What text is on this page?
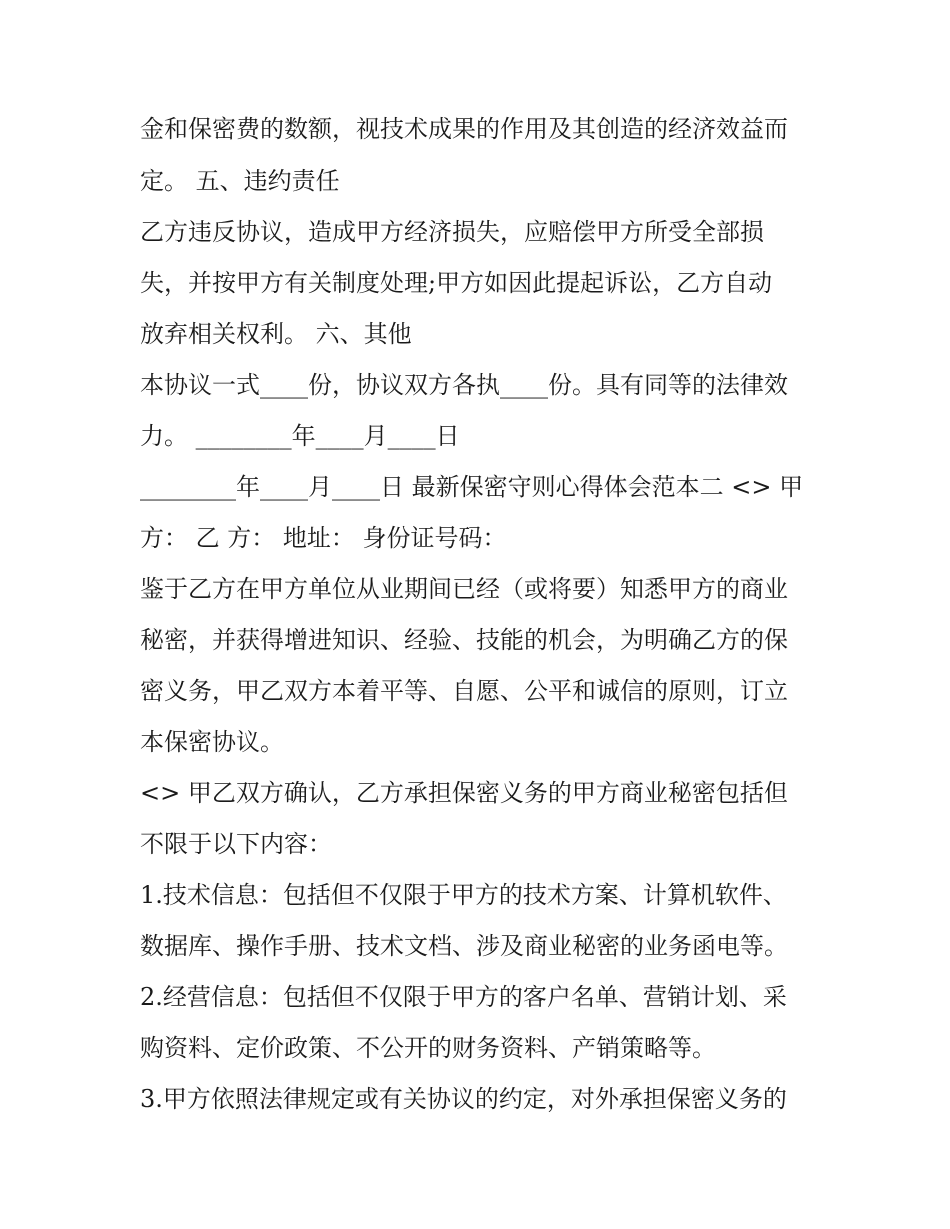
金和保密费的数额，视技术成果的作用及其创造的经济效益而

定。 五、违约责任

乙方违反协议，造成甲方经济损失，应赔偿甲方所受全部损

失，并按甲方有关制度处理;甲方如因此提起诉讼，乙方自动

放弃相关权利。 六、其他

本协议一式____份，协议双方各执____份。具有同等的法律效

力。 ________年____月____日

________年____月____日 最新保密守则心得体会范本二 <> 甲

方： 乙 方： 地址： 身份证号码：

鉴于乙方在甲方单位从业期间已经（或将要）知悉甲方的商业

秘密，并获得增进知识、经验、技能的机会，为明确乙方的保

密义务，甲乙双方本着平等、自愿、公平和诚信的原则，订立

本保密协议。

<> 甲乙双方确认，乙方承担保密义务的甲方商业秘密包括但

不限于以下内容：

1.技术信息：包括但不仅限于甲方的技术方案、计算机软件、

数据库、操作手册、技术文档、涉及商业秘密的业务函电等。

2.经营信息：包括但不仅限于甲方的客户名单、营销计划、采

购资料、定价政策、不公开的财务资料、产销策略等。

3.甲方依照法律规定或有关协议的约定，对外承担保密义务的
